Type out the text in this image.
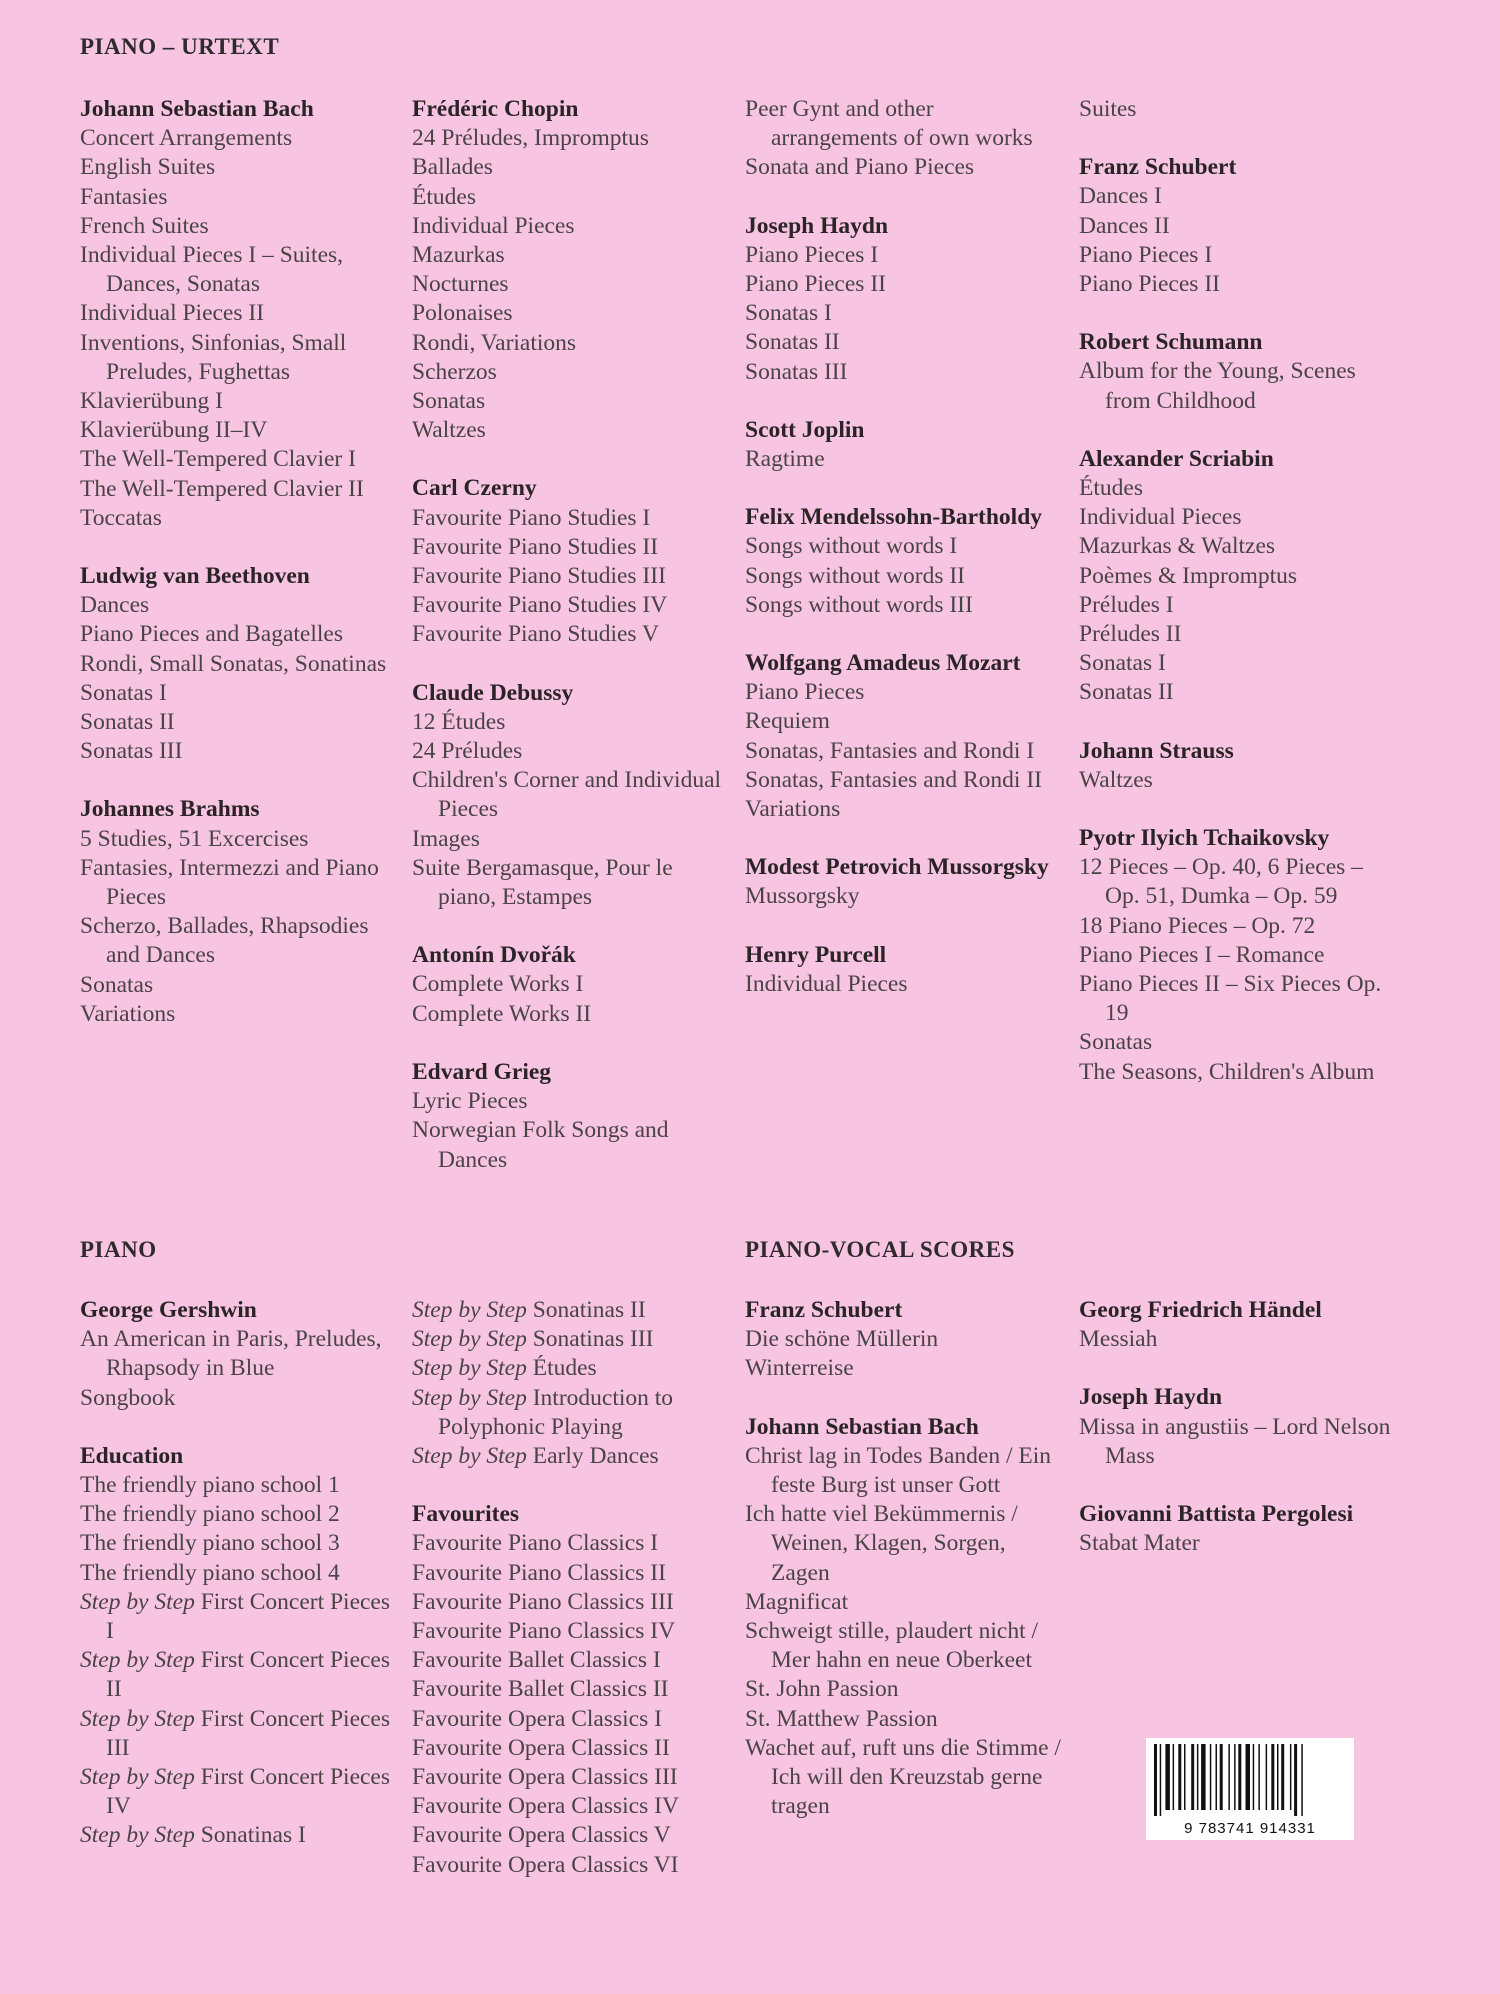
PIANO – URTEXT
PIANO	PIANO-VOCAL SCORES
Johann Sebastian Bach
Concert Arrangements
English Suites
Fantasies
French Suites
Individual Pieces I – Suites, Dances, Sonatas
Individual Pieces II
Inventions, Sinfonias, Small Preludes, Fughettas
Klavierübung I
Klavierübung II–IV
The Well-Tempered Clavier I
The Well-Tempered Clavier II
Toccatas
Ludwig van Beethoven
Dances
Piano Pieces and Bagatelles
Rondi, Small Sonatas, Sonatinas
Sonatas I
Sonatas II
Sonatas III
Johannes Brahms
5 Studies, 51 Excercises
Fantasies, Intermezzi and Piano Pieces
Scherzo, Ballades, Rhapsodies and Dances
Sonatas
Variations
Frédéric Chopin
24 Préludes, Impromptus
Ballades
Études
Individual Pieces
Mazurkas
Nocturnes
Polonaises
Rondi, Variations
Scherzos
Sonatas
Waltzes
Carl Czerny
Favourite Piano Studies I
Favourite Piano Studies II
Favourite Piano Studies III
Favourite Piano Studies IV
Favourite Piano Studies V
Claude Debussy
12 Études
24 Préludes
Children's Corner and Individual Pieces
Images
Suite Bergamasque, Pour le piano, Estampes
Antonín Dvořák
Complete Works I
Complete Works II
Edvard Grieg
Lyric Pieces
Norwegian Folk Songs and Dances
Peer Gynt and other arrangements of own works
Sonata and Piano Pieces
Joseph Haydn
Piano Pieces I
Piano Pieces II
Sonatas I
Sonatas II
Sonatas III
Scott Joplin
Ragtime
Felix Mendelssohn-Bartholdy
Songs without words I
Songs without words II
Songs without words III
Wolfgang Amadeus Mozart
Piano Pieces
Requiem
Sonatas, Fantasies and Rondi I
Sonatas, Fantasies and Rondi II
Variations
Modest Petrovich Mussorgsky
Mussorgsky
Henry Purcell
Individual Pieces
Suites
Franz Schubert
Dances I
Dances II
Piano Pieces I
Piano Pieces II
Robert Schumann
Album for the Young, Scenes from Childhood
Alexander Scriabin
Études
Individual Pieces
Mazurkas & Waltzes
Poèmes & Impromptus
Préludes I
Préludes II
Sonatas I
Sonatas II
Johann Strauss
Waltzes
Pyotr Ilyich Tchaikovsky
12 Pieces – Op. 40, 6 Pieces – Op. 51, Dumka – Op. 59
18 Piano Pieces – Op. 72
Piano Pieces I – Romance
Piano Pieces II – Six Pieces Op. 19
Sonatas
The Seasons, Children's Album
George Gershwin
An American in Paris, Preludes, Rhapsody in Blue
Songbook
Education
The friendly piano school 1
The friendly piano school 2
The friendly piano school 3
The friendly piano school 4
Step by Step First Concert Pieces I
Step by Step First Concert Pieces II
Step by Step First Concert Pieces III
Step by Step First Concert Pieces IV
Step by Step Sonatinas I
Step by Step Sonatinas II
Step by Step Sonatinas III
Step by Step Études
Step by Step Introduction to Polyphonic Playing
Step by Step Early Dances
Favourites
Favourite Piano Classics I
Favourite Piano Classics II
Favourite Piano Classics III
Favourite Piano Classics IV
Favourite Ballet Classics I
Favourite Ballet Classics II
Favourite Opera Classics I
Favourite Opera Classics II
Favourite Opera Classics III
Favourite Opera Classics IV
Favourite Opera Classics V
Favourite Opera Classics VI
Franz Schubert
Die schöne Müllerin
Winterreise
Johann Sebastian Bach
Christ lag in Todes Banden / Ein feste Burg ist unser Gott
Ich hatte viel Bekümmernis / Weinen, Klagen, Sorgen, Zagen
Magnificat
Schweigt stille, plaudert nicht / Mer hahn en neue Oberkeet
St. John Passion
St. Matthew Passion
Wachet auf, ruft uns die Stimme / Ich will den Kreuzstab gerne tragen
Georg Friedrich Händel
Messiah
Joseph Haydn
Missa in angustiis – Lord Nelson Mass
Giovanni Battista Pergolesi
Stabat Mater
9 783741 914331
